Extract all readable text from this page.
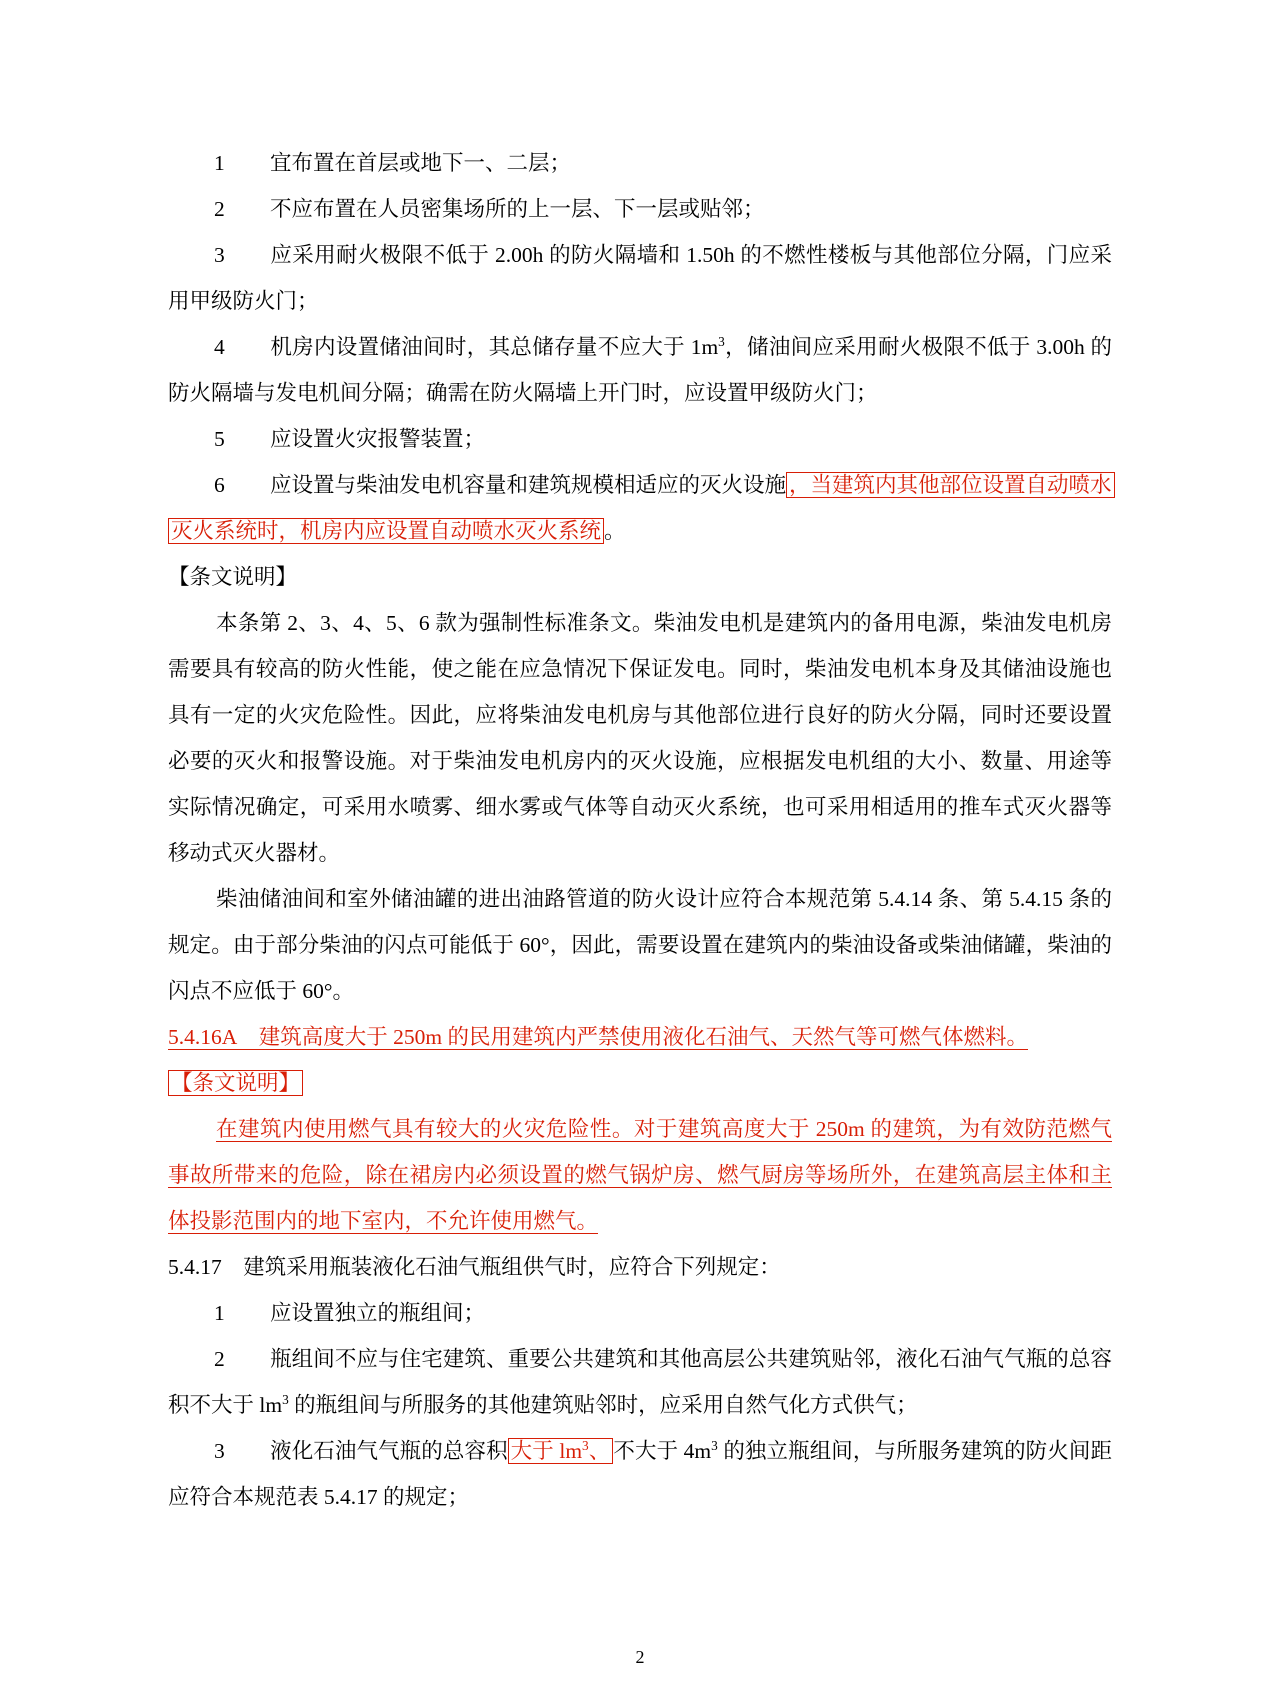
1 宜布置在首层或地下一、二层；

2 不应布置在人员密集场所的上一层、下一层或贴邻；

3 应采用耐火极限不低于 2.00h 的防火隔墙和 1.50h 的不燃性楼板与其他部位分隔，门应采用甲级防火门；

4 机房内设置储油间时，其总储存量不应大于 $1m^3$，储油间应采用耐火极限不低于 3.00h 的防火隔墙与发电机间分隔；确需在防火隔墙上开门时，应设置甲级防火门；

5 应设置火灾报警装置；

6 应设置与柴油发电机容量和建筑规模相适应的灭火设施 ，当建筑内其他部位设置自动喷水灭火系统时，机房内应设置自动喷水灭火系统 。

【条文说明】

本条第 2、3、4、5、6 款为强制性标准条文。柴油发电机是建筑内的备用电源，柴油发电机房需要具有较高的防火性能，使之能在应急情况下保证发电。同时，柴油发电机本身及其储油设施也具有一定的火灾危险性。因此，应将柴油发电机房与其他部位进行良好的防火分隔，同时还要设置必要的灭火和报警设施。对于柴油发电机房内的灭火设施，应根据发电机组的大小、数量、用途等实际情况确定，可采用水喷雾、细水雾或气体等自动灭火系统，也可采用相适用的推车式灭火器等移动式灭火器材。

柴油储油间和室外储油罐的进出油路管道的防火设计应符合本规范第 5.4.14 条、第 5.4.15 条的规定。由于部分柴油的闪点可能低于 60°，因此，需要设置在建筑内的柴油设备或柴油储罐，柴油的闪点不应低于 60°。

5.4.16A 建筑高度大于 250m 的民用建筑内严禁使用液化石油气、天然气等可燃气体燃料。

【条文说明】

在建筑内使用燃气具有较大的火灾危险性。对于建筑高度大于 250m 的建筑，为有效防范燃气事故所带来的危险，除在裙房内必须设置的燃气锅炉房、燃气厨房等场所外，在建筑高层主体和主体投影范围内的地下室内，不允许使用燃气。

5.4.17 建筑采用瓶装液化石油气瓶组供气时，应符合下列规定：

1 应设置独立的瓶组间；

2 瓶组间不应与住宅建筑、重要公共建筑和其他高层公共建筑贴邻，液化石油气气瓶的总容积不大于 $lm^3$ 的瓶组间与所服务的其他建筑贴邻时，应采用自然气化方式供气；

3 液化石油气气瓶的总容积 大于 $lm^3$、 不大于 $4m^3$ 的独立瓶组间，与所服务建筑的防火间距应符合本规范表 5.4.17 的规定；

2
